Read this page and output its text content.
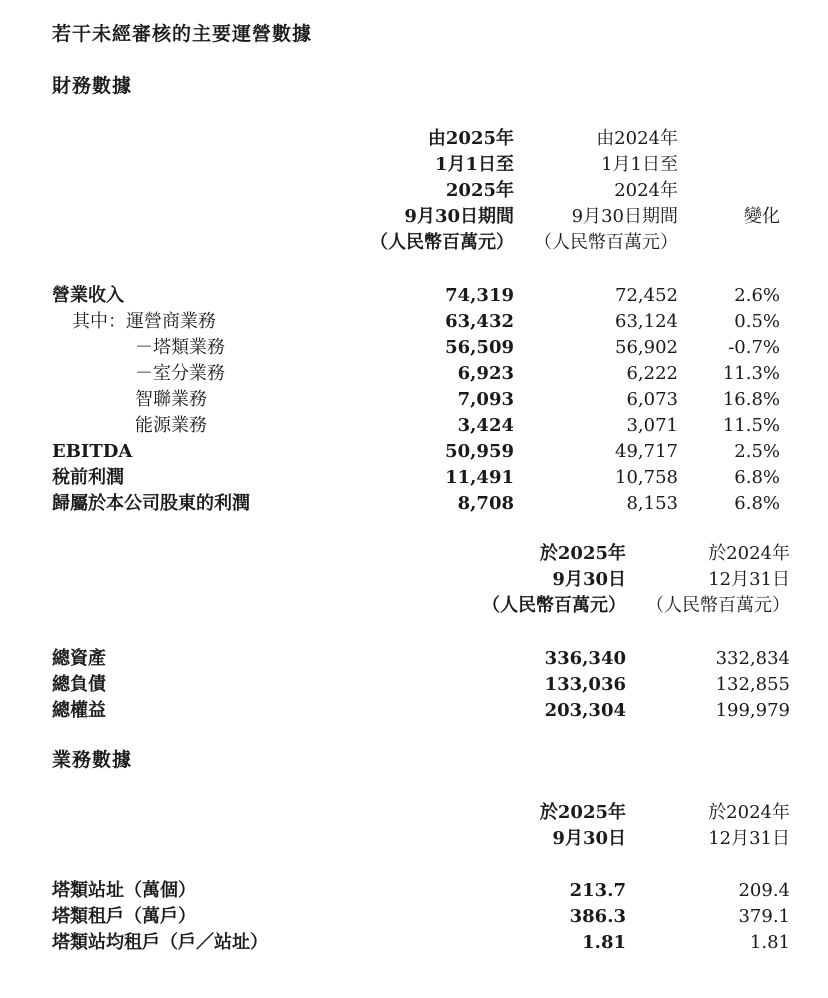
若干未經審核的主要運營數據
財務數據
由2025年
1月1日至
2025年
9月30日期間
（人民幣百萬元）
由2024年
1月1日至
2024年
9月30日期間
（人民幣百萬元）
變化
營業收入	74,319	72,452	2.6%
其中：運營商業務	63,432	63,124	0.5%
－塔類業務	56,509	56,902	-0.7%
－室分業務	6,923	6,222 11.3%
智聯業務	7,093	6,073 16.8%
能源業務	3,424	3,071 11.5%
EBITDA	50,959	49,717	2.5%
稅前利潤	11,491	10,758	6.8%
歸屬於本公司股東的利潤	8,708	8,153	6.8%
於2025年
9月30日
（人民幣百萬元）
於2024年
12月31日
（人民幣百萬元）
總資產	336,340	332,834
總負債	133,036	132,855
總權益	203,304	199,979
業務數據
於2025年
9月30日
於2024年
12月31日
塔類站址（萬個）	213.7	209.4
塔類租戶（萬戶）	386.3	379.1
塔類站均租戶（戶／站址）	1.81	1.81
